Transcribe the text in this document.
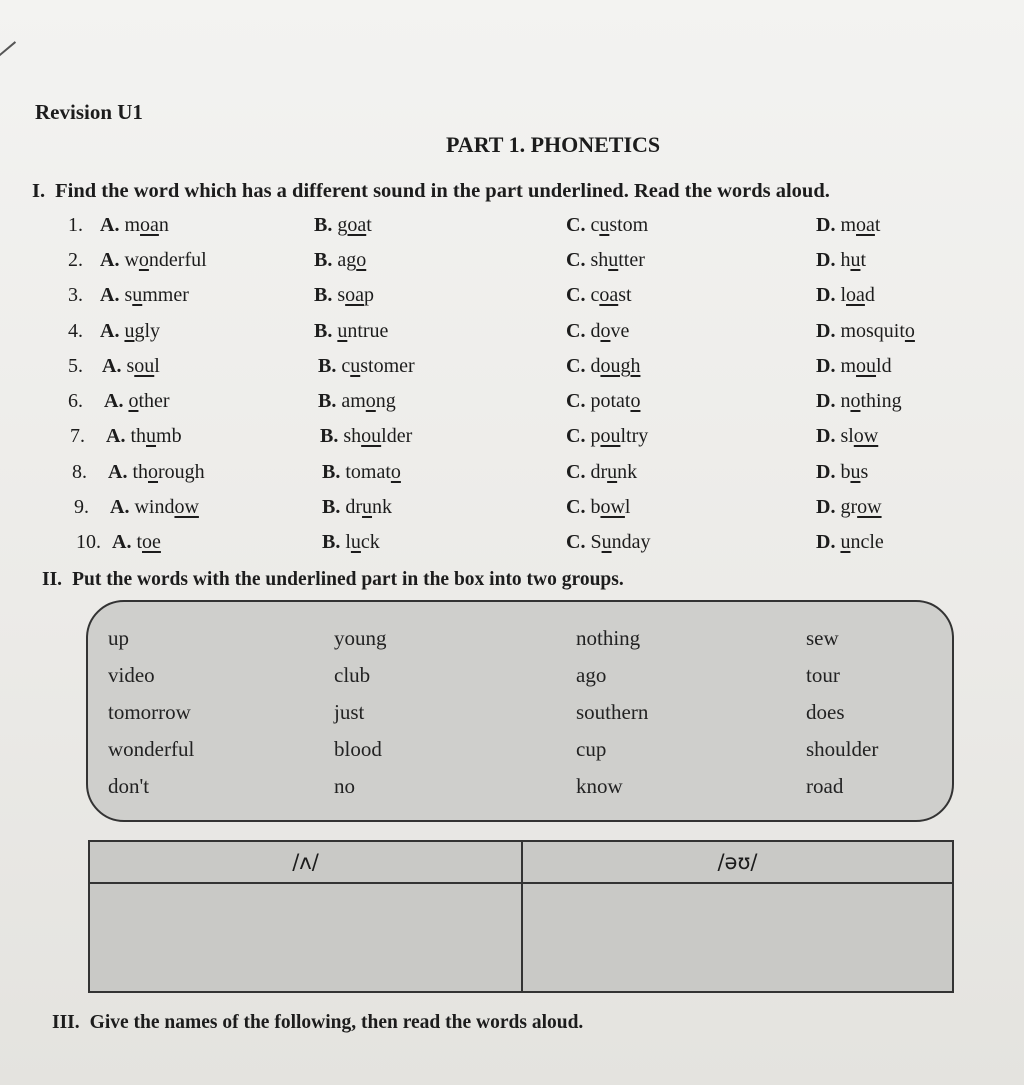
Revision U1
PART 1. PHONETICS
I. Find the word which has a different sound in the part underlined. Read the words aloud.
1. A. moan	B. goat	C. custom	D. moat
2. A. wonderful	B. ago	C. shutter	D. hut
3. A. summer	B. soap	C. coast	D. load
4. A. ugly	B. untrue	C. dove	D. mosquito
5. A. soul	B. customer	C. dough	D. mould
6. A. other	B. among	C. potato	D. nothing
7. A. thumb	B. shoulder	C. poultry	D. slow
8. A. thorough	B. tomato	C. drunk	D. bus
9. A. window	B. drunk	C. bowl	D. grow
10. A. toe	B. luck	C. Sunday	D. uncle
II. Put the words with the underlined part in the box into two groups.
up	young	nothing	sew
video	club	ago	tour
tomorrow	just	southern	does
wonderful	blood	cup	shoulder
don't	no	know	road
/ʌ/	/əʊ/
III. Give the names of the following, then read the words aloud.
